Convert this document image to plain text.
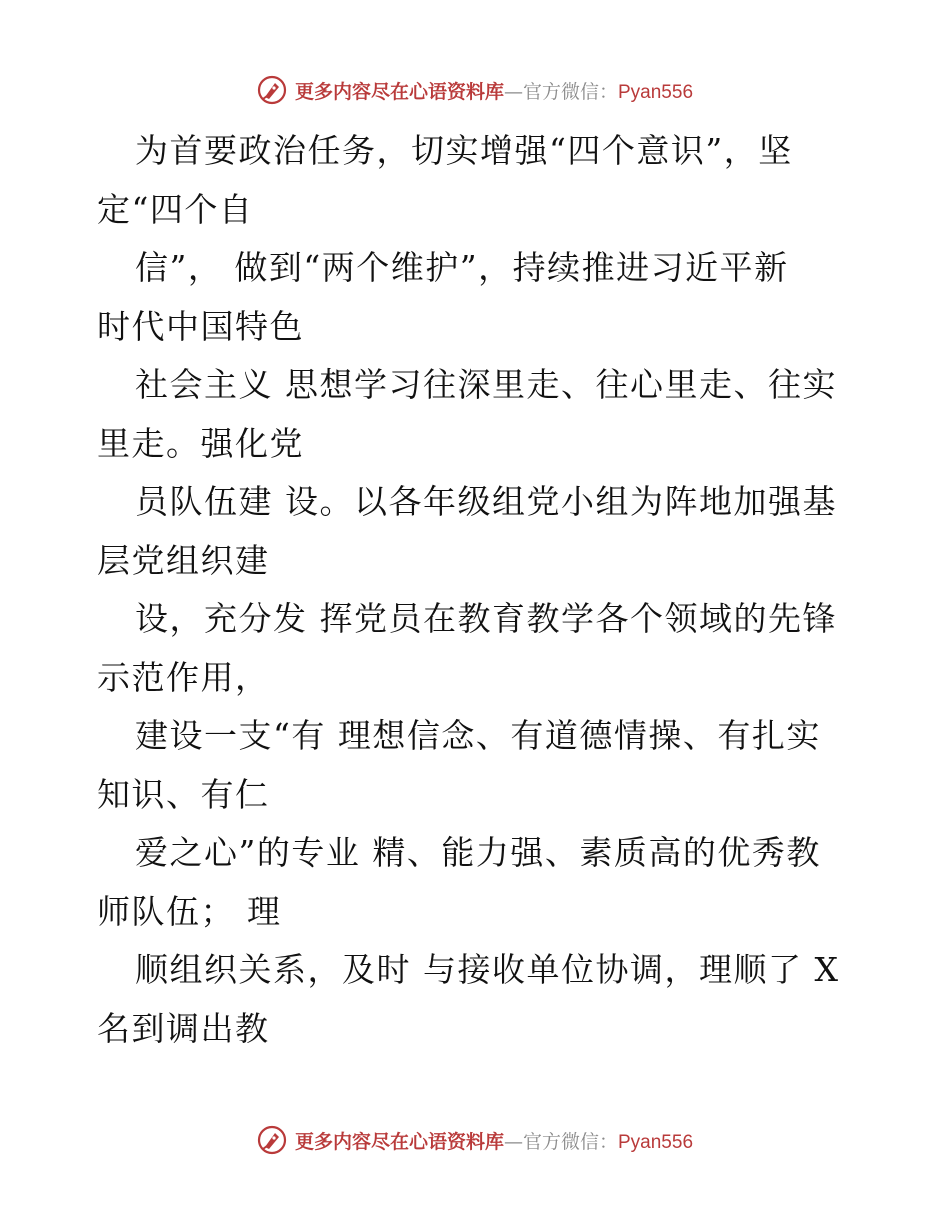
更多内容尽在心语资料库 — 官方微信： Pyan556
为首要政治任务，切实增强“四个意识”，坚
定“四个自
信”， 做到“两个维护”，持续推进习近平新
时代中国特色
社会主义 思想学习往深里走、往心里走、往实
里走。强化党
员队伍建 设。以各年级组党小组为阵地加强基
层党组织建
设，充分发 挥党员在教育教学各个领域的先锋
示范作用，
建设一支“有 理想信念、有道德情操、有扎实
知识、有仁
爱之心”的专业 精、能力强、素质高的优秀教
师队伍； 理
顺组织关系，及时 与接收单位协调，理顺了 X
名到调出教
更多内容尽在心语资料库 — 官方微信： Pyan556
